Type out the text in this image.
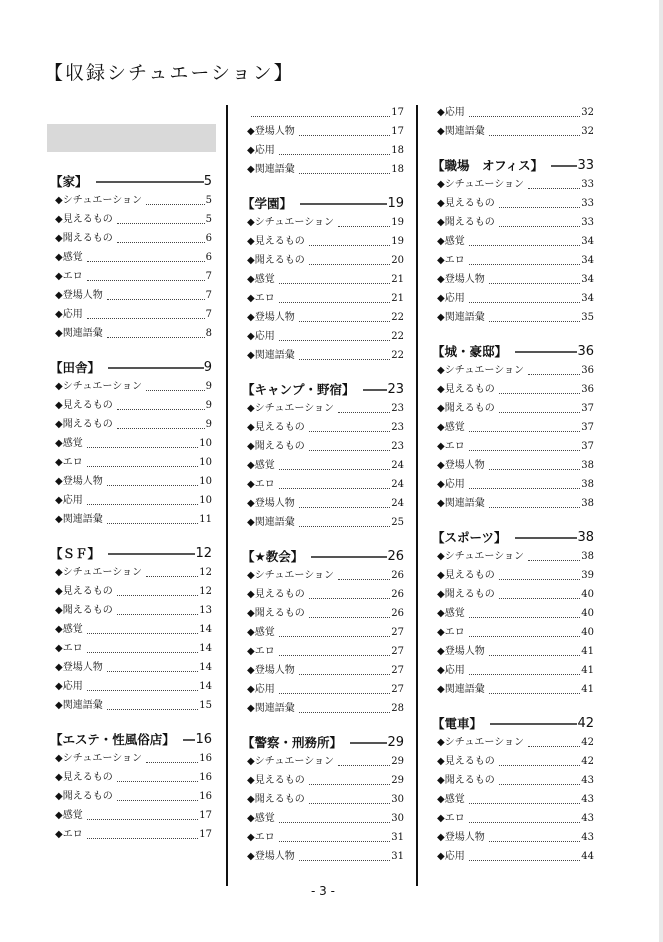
【収録シチュエーション】
【家】	5
◆シチュエーション	5
◆見えるもの	5
◆聞えるもの	6
◆感覚	6
◆エロ	7
◆登場人物	7
◆応用	7
◆関連語彙	8
【田舎】	9
◆シチュエーション	9
◆見えるもの	9
◆聞えるもの	9
◆感覚	10
◆エロ	10
◆登場人物	10
◆応用	10
◆関連語彙	11
【ＳＦ】	12
◆シチュエーション	12
◆見えるもの	12
◆聞えるもの	13
◆感覚	14
◆エロ	14
◆登場人物	14
◆応用	14
◆関連語彙	15
【エステ・性風俗店】 16
◆シチュエーション	16
◆見えるもの	16
◆聞えるもの	16
◆感覚	17
◆エロ	17
17
◆登場人物	17
◆応用	18
◆関連語彙	18
【学園】	19
◆シチュエーション	19
◆見えるもの	19
◆聞えるもの	20
◆感覚	21
◆エロ	21
◆登場人物	22
◆応用	22
◆関連語彙	22
【キャンプ・野宿】	23
◆シチュエーション	23
◆見えるもの	23
◆聞えるもの	23
◆感覚	24
◆エロ	24
◆登場人物	24
◆関連語彙	25
【★教会】	26
◆シチュエーション	26
◆見えるもの	26
◆聞えるもの	26
◆感覚	27
◆エロ	27
◆登場人物	27
◆応用	27
◆関連語彙	28
【警察・刑務所】	29
◆シチュエーション	29
◆見えるもの	29
◆聞えるもの	30
◆感覚	30
◆エロ	31
◆登場人物	31
◆応用	32
◆関連語彙	32
【職場　オフィス】	33
◆シチュエーション	33
◆見えるもの	33
◆聞えるもの	33
◆感覚	34
◆エロ	34
◆登場人物	34
◆応用	34
◆関連語彙	35
【城・豪邸】	36
◆シチュエーション	36
◆見えるもの	36
◆聞えるもの	37
◆感覚	37
◆エロ	37
◆登場人物	38
◆応用	38
◆関連語彙	38
【スポーツ】	38
◆シチュエーション	38
◆見えるもの	39
◆聞えるもの	40
◆感覚	40
◆エロ	40
◆登場人物	41
◆応用	41
◆関連語彙	41
【電車】	42
◆シチュエーション	42
◆見えるもの	42
◆聞えるもの	43
◆感覚	43
◆エロ	43
◆登場人物	43
◆応用	44
- 3 -
